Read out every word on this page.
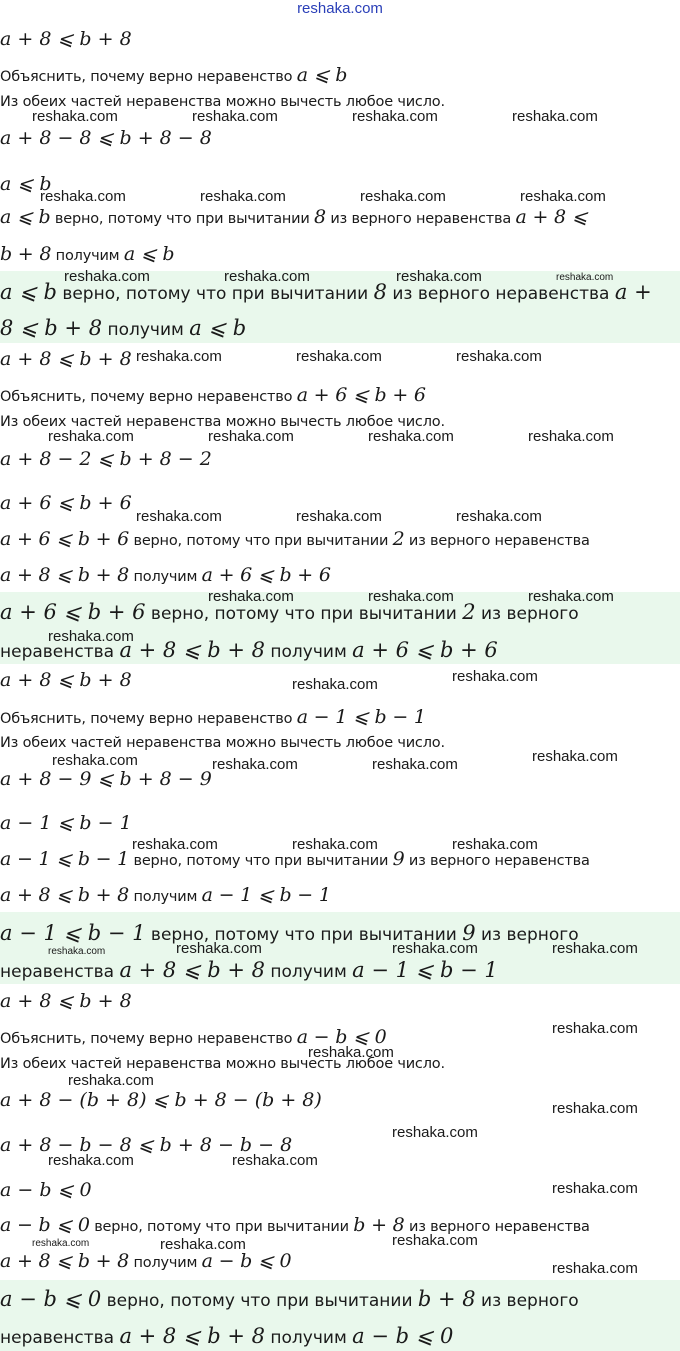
reshaka.com
a + 8 ⩽ b + 8
Объяснить, почему верно неравенство a ⩽ b
Из обеих частей неравенства можно вычесть любое число.
a + 8 − 8 ⩽ b + 8 − 8
a ⩽ b
a ⩽ b верно, потому что при вычитании 8 из верного неравенства a + 8 ⩽
b + 8 получим a ⩽ b
a ⩽ b верно, потому что при вычитании 8 из верного неравенства a +
8 ⩽ b + 8 получим a ⩽ b
a + 8 ⩽ b + 8
Объяснить, почему верно неравенство a + 6 ⩽ b + 6
Из обеих частей неравенства можно вычесть любое число.
a + 8 − 2 ⩽ b + 8 − 2
a + 6 ⩽ b + 6
a + 6 ⩽ b + 6 верно, потому что при вычитании 2 из верного неравенства
a + 8 ⩽ b + 8 получим a + 6 ⩽ b + 6
a + 6 ⩽ b + 6 верно, потому что при вычитании 2 из верного
неравенства a + 8 ⩽ b + 8 получим a + 6 ⩽ b + 6
a + 8 ⩽ b + 8
Объяснить, почему верно неравенство a − 1 ⩽ b − 1
Из обеих частей неравенства можно вычесть любое число.
a + 8 − 9 ⩽ b + 8 − 9
a − 1 ⩽ b − 1
a − 1 ⩽ b − 1 верно, потому что при вычитании 9 из верного неравенства
a + 8 ⩽ b + 8 получим a − 1 ⩽ b − 1
a − 1 ⩽ b − 1 верно, потому что при вычитании 9 из верного
неравенства a + 8 ⩽ b + 8 получим a − 1 ⩽ b − 1
a + 8 ⩽ b + 8
Объяснить, почему верно неравенство a − b ⩽ 0
Из обеих частей неравенства можно вычесть любое число.
a + 8 − (b + 8) ⩽ b + 8 − (b + 8)
a + 8 − b − 8 ⩽ b + 8 − b − 8
a − b ⩽ 0
a − b ⩽ 0 верно, потому что при вычитании b + 8 из верного неравенства
a + 8 ⩽ b + 8 получим a − b ⩽ 0
a − b ⩽ 0 верно, потому что при вычитании b + 8 из верного
неравенства a + 8 ⩽ b + 8 получим a − b ⩽ 0
reshaka.com	reshaka.com	reshaka.com	reshaka.com
reshaka.com	reshaka.com	reshaka.com	reshaka.com
reshaka.com	reshaka.com	reshaka.com	reshaka.com
reshaka.com	reshaka.com	reshaka.com
reshaka.com	reshaka.com	reshaka.com	reshaka.com
reshaka.com	reshaka.com	reshaka.com
reshaka.com	reshaka.com	reshaka.com
reshaka.com
reshaka.com	reshaka.com
reshaka.com	reshaka.com	reshaka.com	reshaka.com
reshaka.com	reshaka.com	reshaka.com
reshaka.com	reshaka.com	reshaka.com	reshaka.com
reshaka.com
reshaka.com
reshaka.com
reshaka.com
reshaka.com
reshaka.com	reshaka.com
reshaka.com
reshaka.com	reshaka.com	reshaka.com
reshaka.com
